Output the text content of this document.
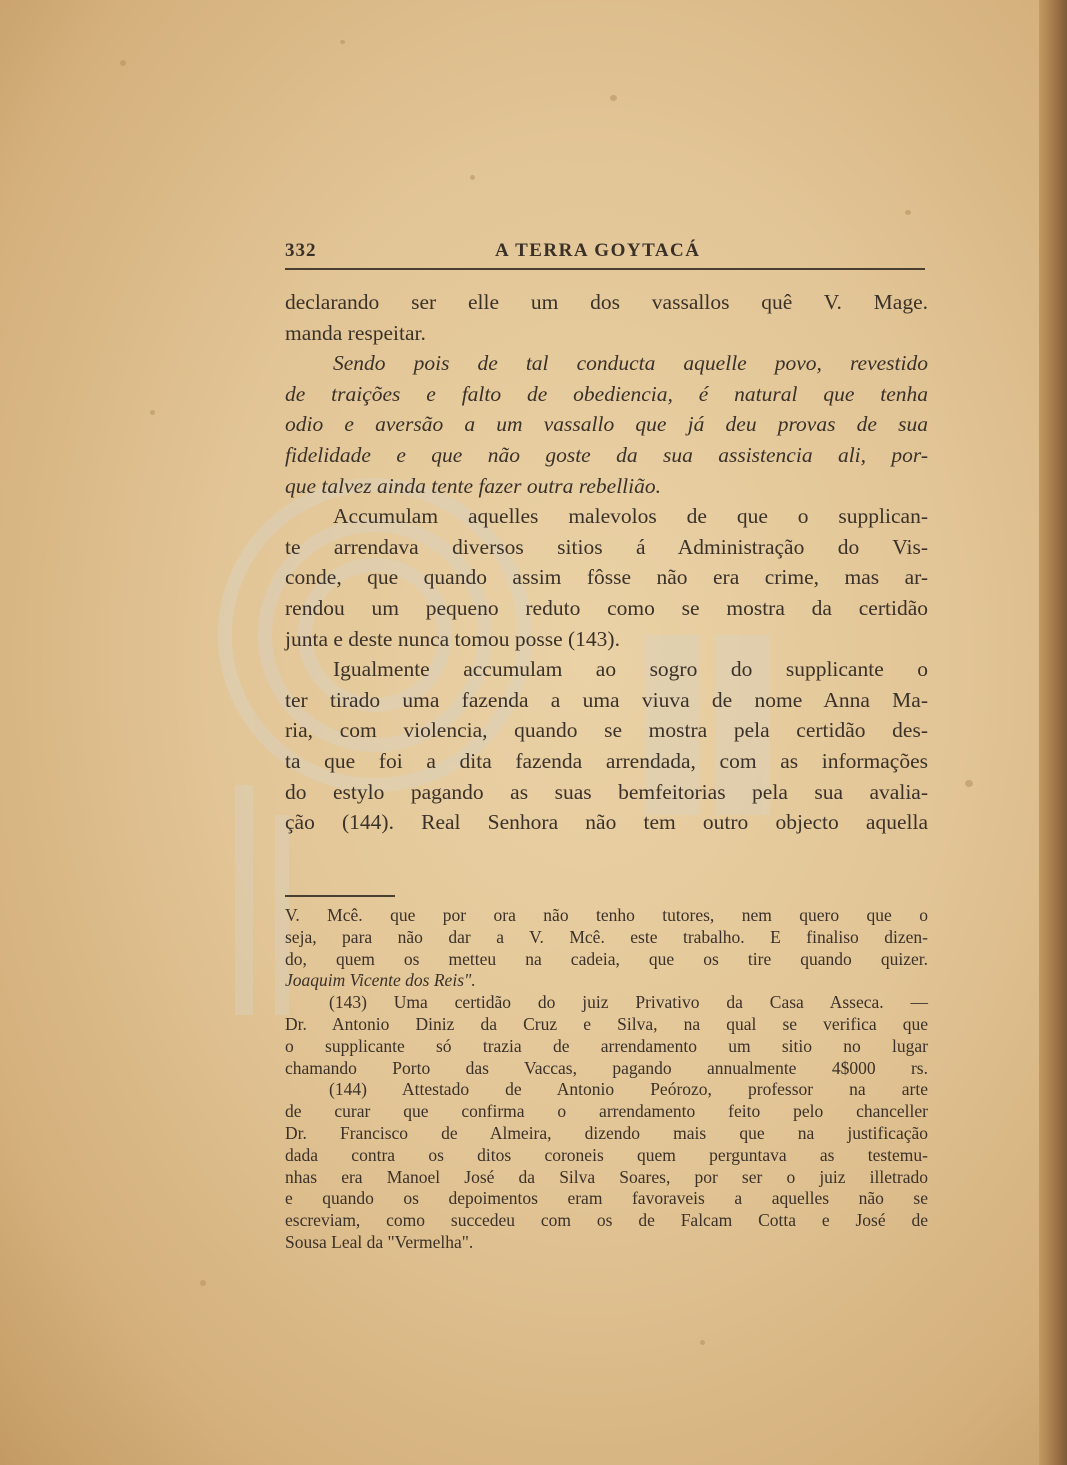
332	A TERRA GOYTACÁ
declarando ser elle um dos vassallos quê V. Mage.
manda respeitar.
Sendo pois de tal conducta aquelle povo, revestido
de traições e falto de obediencia, é natural que tenha
odio e aversão a um vassallo que já deu provas de sua
fidelidade e que não goste da sua assistencia ali, por-
que talvez ainda tente fazer outra rebellião.
Accumulam aquelles malevolos de que o supplican-
te arrendava diversos sitios á Administração do Vis-
conde, que quando assim fôsse não era crime, mas ar-
rendou um pequeno reduto como se mostra da certidão
junta e deste nunca tomou posse (143).
Igualmente accumulam ao sogro do supplicante o
ter tirado uma fazenda a uma viuva de nome Anna Ma-
ria, com violencia, quando se mostra pela certidão des-
ta que foi a dita fazenda arrendada, com as informações
do estylo pagando as suas bemfeitorias pela sua avalia-
ção (144). Real Senhora não tem outro objecto aquella
V. Mcê. que por ora não tenho tutores, nem quero que o
seja, para não dar a V. Mcê. este trabalho. E finaliso dizen-
do, quem os metteu na cadeia, que os tire quando quizer.
Joaquim Vicente dos Reis".
(143) Uma certidão do juiz Privativo da Casa Asseca. —
Dr. Antonio Diniz da Cruz e Silva, na qual se verifica que
o supplicante só trazia de arrendamento um sitio no lugar
chamando Porto das Vaccas, pagando annualmente 4$000 rs.
(144) Attestado de Antonio Peórozo, professor na arte
de curar que confirma o arrendamento feito pelo chanceller
Dr. Francisco de Almeira, dizendo mais que na justificação
dada contra os ditos coroneis quem perguntava as testemu-
nhas era Manoel José da Silva Soares, por ser o juiz illetrado
e quando os depoimentos eram favoraveis a aquelles não se
escreviam, como succedeu com os de Falcam Cotta e José de
Sousa Leal da "Vermelha".
